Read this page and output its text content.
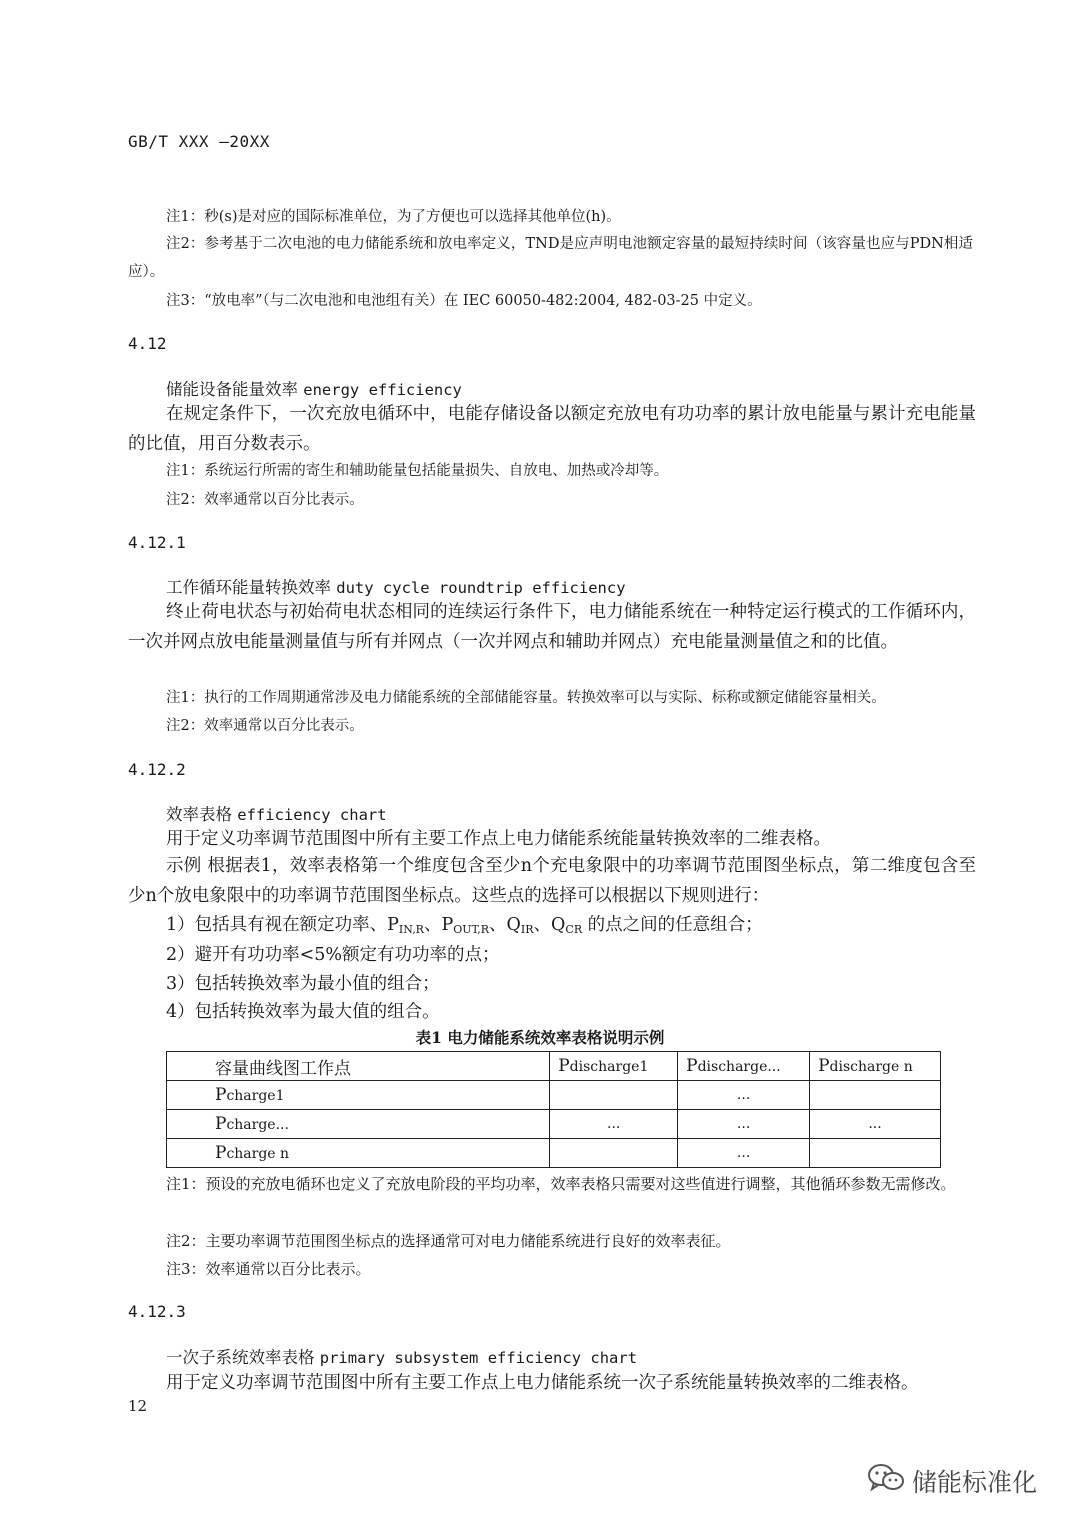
GB/T XXX —20XX
注1：秒(s)是对应的国际标准单位，为了方便也可以选择其他单位(h)。
注2：参考基于二次电池的电力储能系统和放电率定义，TND是应声明电池额定容量的最短持续时间（该容量也应与PDN相适应）。
注3：“放电率”（与二次电池和电池组有关）在 IEC 60050-482:2004, 482-03-25 中定义。
4.12
储能设备能量效率 energy efficiency
在规定条件下，一次充放电循环中，电能存储设备以额定充放电有功功率的累计放电能量与累计充电能量的比值，用百分数表示。
注1：系统运行所需的寄生和辅助能量包括能量损失、自放电、加热或冷却等。
注2：效率通常以百分比表示。
4.12.1
工作循环能量转换效率 duty cycle roundtrip efficiency
终止荷电状态与初始荷电状态相同的连续运行条件下，电力储能系统在一种特定运行模式的工作循环内，一次并网点放电能量测量值与所有并网点（一次并网点和辅助并网点）充电能量测量值之和的比值。
注1：执行的工作周期通常涉及电力储能系统的全部储能容量。转换效率可以与实际、标称或额定储能容量相关。
注2：效率通常以百分比表示。
4.12.2
效率表格 efficiency chart
用于定义功率调节范围图中所有主要工作点上电力储能系统能量转换效率的二维表格。
示例 根据表1，效率表格第一个维度包含至少n个充电象限中的功率调节范围图坐标点，第二维度包含至少n个放电象限中的功率调节范围图坐标点。这些点的选择可以根据以下规则进行：
1）包括具有视在额定功率、$P_{IN,R}$、$P_{OUT,R}$、$Q_{IR}$、$Q_{CR}$ 的点之间的任意组合；
2）避开有功功率<5%额定有功功率的点；
3）包括转换效率为最小值的组合；
4）包括转换效率为最大值的组合。
表1 电力储能系统效率表格说明示例
容量曲线图工作点	Pdischarge1	Pdischarge...	Pdischarge n
Pcharge1		...	
Pcharge...	...	...	...
Pcharge n		...	
注1：预设的充放电循环也定义了充放电阶段的平均功率，效率表格只需要对这些值进行调整，其他循环参数无需修改。
注2：主要功率调节范围图坐标点的选择通常可对电力储能系统进行良好的效率表征。
注3：效率通常以百分比表示。
4.12.3
一次子系统效率表格 primary subsystem efficiency chart
用于定义功率调节范围图中所有主要工作点上电力储能系统一次子系统能量转换效率的二维表格。
12
储能标准化
